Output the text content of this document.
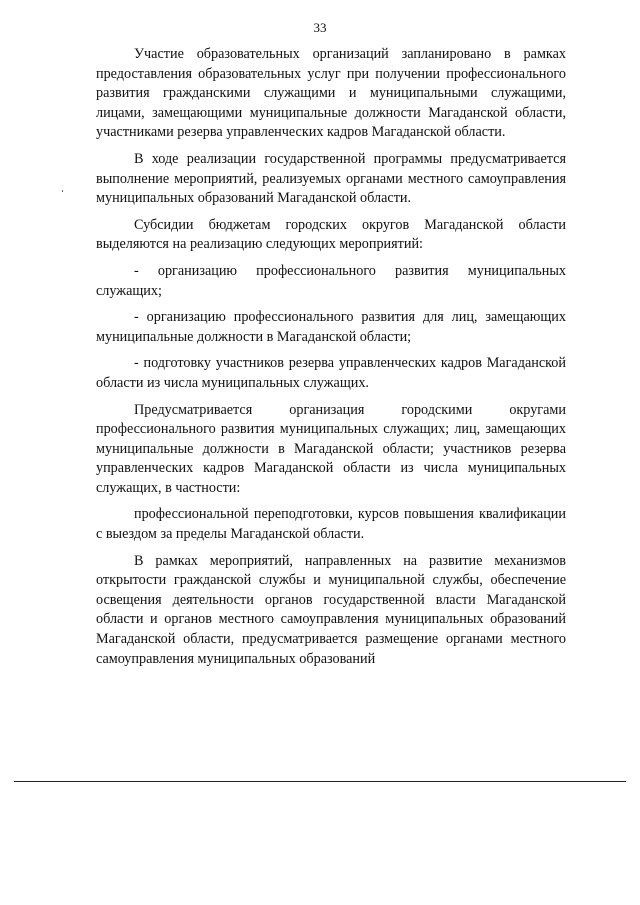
33

Участие образовательных организаций запланировано в рамках предоставления образовательных услуг при получении профессионального развития гражданскими служащими и муниципальными служащими, лицами, замещающими муниципальные должности Магаданской области, участниками резерва управленческих кадров Магаданской области.

В ходе реализации государственной программы предусматривается выполнение мероприятий, реализуемых органами местного самоуправления муниципальных образований Магаданской области.

Субсидии бюджетам городских округов Магаданской области выделяются на реализацию следующих мероприятий:

- организацию профессионального развития муниципальных служащих;

- организацию профессионального развития для лиц, замещающих муниципальные должности в Магаданской области;

- подготовку участников резерва управленческих кадров Магаданской области из числа муниципальных служащих.

Предусматривается организация городскими округами профессионального развития муниципальных служащих; лиц, замещающих муниципальные должности в Магаданской области; участников резерва управленческих кадров Магаданской области из числа муниципальных служащих, в частности:

профессиональной переподготовки, курсов повышения квалификации с выездом за пределы Магаданской области.

В рамках мероприятий, направленных на развитие механизмов открытости гражданской службы и муниципальной службы, обеспечение освещения деятельности органов государственной власти Магаданской области и органов местного самоуправления муниципальных образований Магаданской области, предусматривается размещение органами местного самоуправления муниципальных образований
